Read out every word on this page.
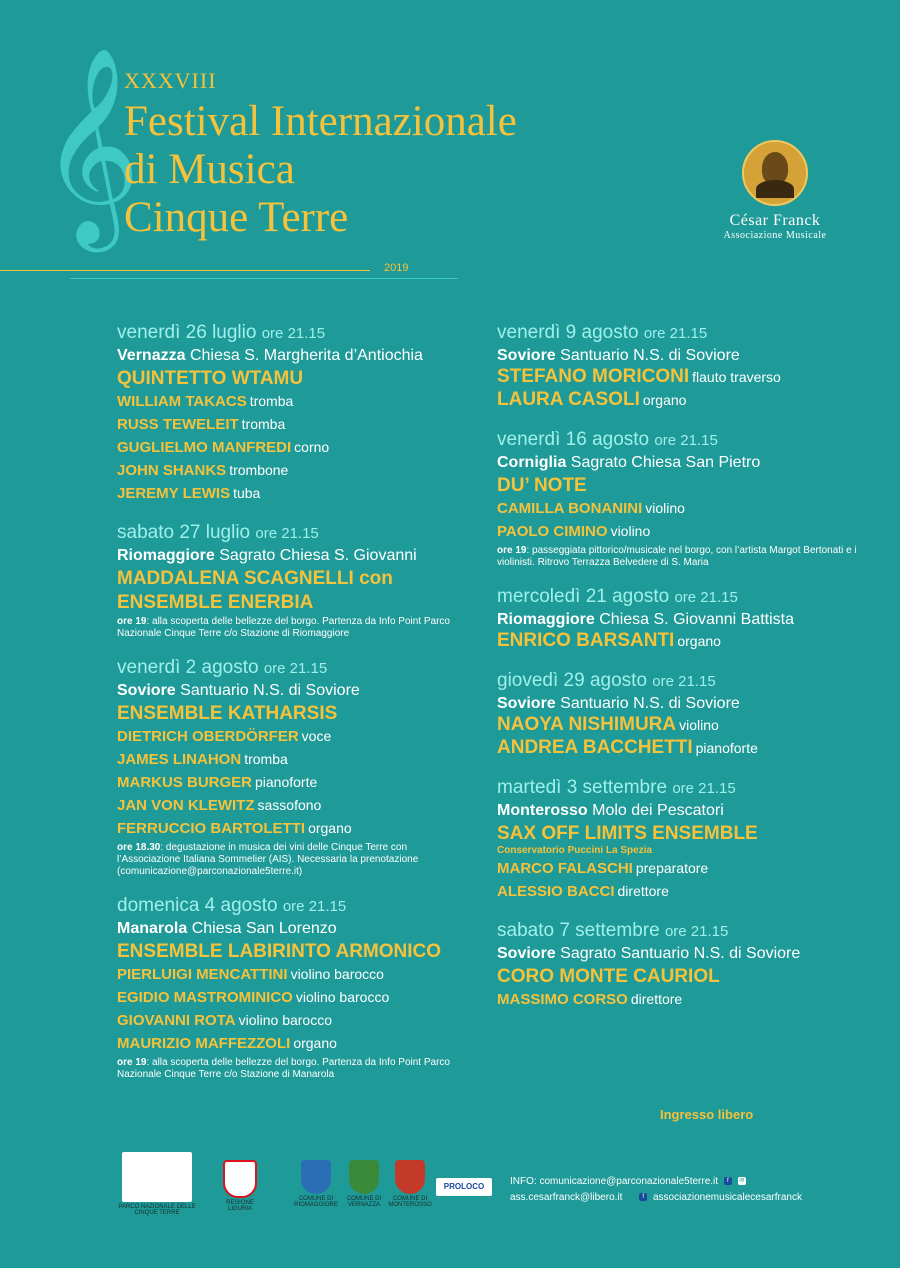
𝄞
XXXVIII
Festival Internazionale
di Musica
Cinque Terre
2019
César Franck
Associazione Musicale
venerdì 26 luglio ore 21.15
Vernazza Chiesa S. Margherita d’Antiochia
QUINTETTO WTAMU
WILLIAM TAKACS tromba
RUSS TEWELEIT tromba
GUGLIELMO MANFREDI corno
JOHN SHANKS trombone
JEREMY LEWIS tuba
sabato 27 luglio ore 21.15
Riomaggiore Sagrato Chiesa S. Giovanni
MADDALENA SCAGNELLI con
ENSEMBLE ENERBIA
ore 19: alla scoperta delle bellezze del borgo. Partenza da Info Point Parco Nazionale Cinque Terre c/o Stazione di Riomaggiore
venerdì 2 agosto ore 21.15
Soviore Santuario N.S. di Soviore
ENSEMBLE KATHARSIS
DIETRICH OBERDÖRFER voce
JAMES LINAHON tromba
MARKUS BURGER pianoforte
JAN VON KLEWITZ sassofono
FERRUCCIO BARTOLETTI organo
ore 18.30: degustazione in musica dei vini delle Cinque Terre con l’Associazione Italiana Sommelier (AIS). Necessaria la prenotazione (comunicazione@parconazionale5terre.it)
domenica 4 agosto ore 21.15
Manarola Chiesa San Lorenzo
ENSEMBLE LABIRINTO ARMONICO
PIERLUIGI MENCATTINI violino barocco
EGIDIO MASTROMINICO violino barocco
GIOVANNI ROTA violino barocco
MAURIZIO MAFFEZZOLI organo
ore 19: alla scoperta delle bellezze del borgo. Partenza da Info Point Parco Nazionale Cinque Terre c/o Stazione di Manarola
venerdì 9 agosto ore 21.15
Soviore Santuario N.S. di Soviore
STEFANO MORICONI flauto traverso
LAURA CASOLI organo
venerdì 16 agosto ore 21.15
Corniglia Sagrato Chiesa San Pietro
DU’ NOTE
CAMILLA BONANINI violino
PAOLO CIMINO violino
ore 19: passeggiata pittorico/musicale nel borgo, con l’artista Margot Bertonati e i violinisti. Ritrovo Terrazza Belvedere di S. Maria
mercoledì 21 agosto ore 21.15
Riomaggiore Chiesa S. Giovanni Battista
ENRICO BARSANTI organo
giovedì 29 agosto ore 21.15
Soviore Santuario N.S. di Soviore
NAOYA NISHIMURA violino
ANDREA BACCHETTI pianoforte
martedì 3 settembre ore 21.15
Monterosso Molo dei Pescatori
SAX OFF LIMITS ENSEMBLE
Conservatorio Puccini La Spezia
MARCO FALASCHI preparatore
ALESSIO BACCI direttore
sabato 7 settembre ore 21.15
Soviore Sagrato Santuario N.S. di Soviore
CORO MONTE CAURIOL
MASSIMO CORSO direttore
Ingresso libero
PARCO NAZIONALE DELLE CINQUE TERRE
REGIONE LIGURIA
COMUNE DI RIOMAGGIORE
COMUNE DI VERNAZZA
COMUNE DI MONTEROSSO
PROLOCO	INFO: comunicazione@parconazionale5terre.it f ✉
ass.cesarfranck@libero.it	f associazionemusicalecesarfranck
